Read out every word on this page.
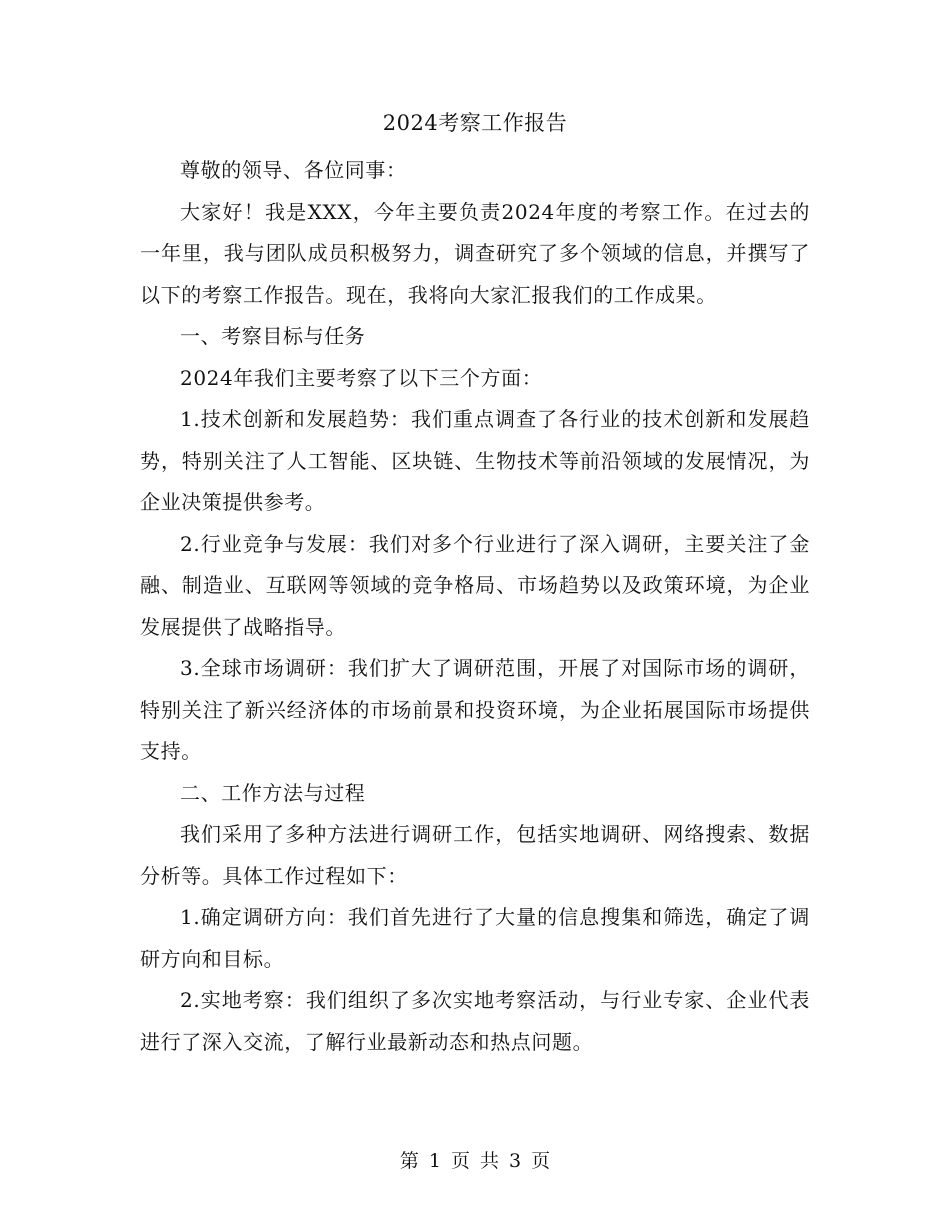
2024考察工作报告

尊敬的领导、各位同事：

大家好！我是XXX，今年主要负责2024年度的考察工作。在过去的一年里，我与团队成员积极努力，调查研究了多个领域的信息，并撰写了以下的考察工作报告。现在，我将向大家汇报我们的工作成果。

一、考察目标与任务

2024年我们主要考察了以下三个方面：

1.技术创新和发展趋势：我们重点调查了各行业的技术创新和发展趋势，特别关注了人工智能、区块链、生物技术等前沿领域的发展情况，为企业决策提供参考。

2.行业竞争与发展：我们对多个行业进行了深入调研，主要关注了金融、制造业、互联网等领域的竞争格局、市场趋势以及政策环境，为企业发展提供了战略指导。

3.全球市场调研：我们扩大了调研范围，开展了对国际市场的调研，特别关注了新兴经济体的市场前景和投资环境，为企业拓展国际市场提供支持。

二、工作方法与过程

我们采用了多种方法进行调研工作，包括实地调研、网络搜索、数据分析等。具体工作过程如下：

1.确定调研方向：我们首先进行了大量的信息搜集和筛选，确定了调研方向和目标。

2.实地考察：我们组织了多次实地考察活动，与行业专家、企业代表进行了深入交流，了解行业最新动态和热点问题。

第 1 页 共 3 页
